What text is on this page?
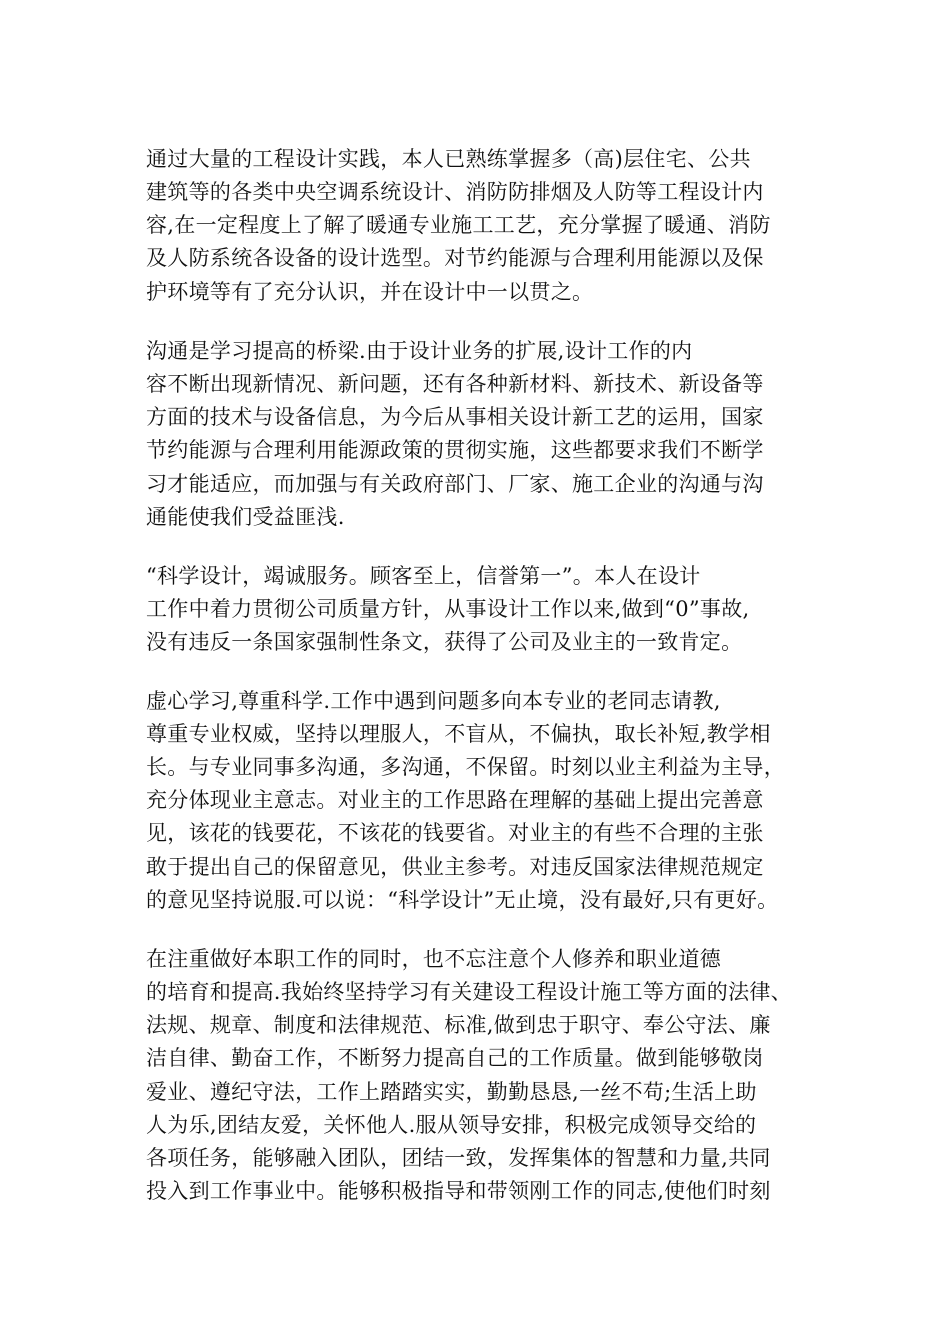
通过大量的工程设计实践，本人已熟练掌握多（高)层住宅、公共

建筑等的各类中央空调系统设计、消防防排烟及人防等工程设计内

容,在一定程度上了解了暖通专业施工工艺，充分掌握了暖通、消防

及人防系统各设备的设计选型。对节约能源与合理利用能源以及保

护环境等有了充分认识，并在设计中一以贯之。

沟通是学习提高的桥梁.由于设计业务的扩展,设计工作的内

容不断出现新情况、新问题，还有各种新材料、新技术、新设备等

方面的技术与设备信息，为今后从事相关设计新工艺的运用，国家

节约能源与合理利用能源政策的贯彻实施，这些都要求我们不断学

习才能适应，而加强与有关政府部门、厂家、施工企业的沟通与沟

通能使我们受益匪浅.

“科学设计，竭诚服务。顾客至上，信誉第一”。本人在设计

工作中着力贯彻公司质量方针，从事设计工作以来,做到“0”事故,

没有违反一条国家强制性条文，获得了公司及业主的一致肯定。

虚心学习,尊重科学.工作中遇到问题多向本专业的老同志请教,

尊重专业权威，坚持以理服人，不盲从，不偏执，取长补短,教学相

长。与专业同事多沟通，多沟通，不保留。时刻以业主利益为主导，

充分体现业主意志。对业主的工作思路在理解的基础上提出完善意

见，该花的钱要花，不该花的钱要省。对业主的有些不合理的主张

敢于提出自己的保留意见，供业主参考。对违反国家法律规范规定

的意见坚持说服.可以说：“科学设计”无止境，没有最好,只有更好。

在注重做好本职工作的同时，也不忘注意个人修养和职业道德

的培育和提高.我始终坚持学习有关建设工程设计施工等方面的法律、

法规、规章、制度和法律规范、标准,做到忠于职守、奉公守法、廉

洁自律、勤奋工作，不断努力提高自己的工作质量。做到能够敬岗

爱业、遵纪守法，工作上踏踏实实，勤勤恳恳,一丝不苟;生活上助

人为乐,团结友爱，关怀他人.服从领导安排，积极完成领导交给的

各项任务，能够融入团队，团结一致，发挥集体的智慧和力量,共同

投入到工作事业中。能够积极指导和带领刚工作的同志,使他们时刻
